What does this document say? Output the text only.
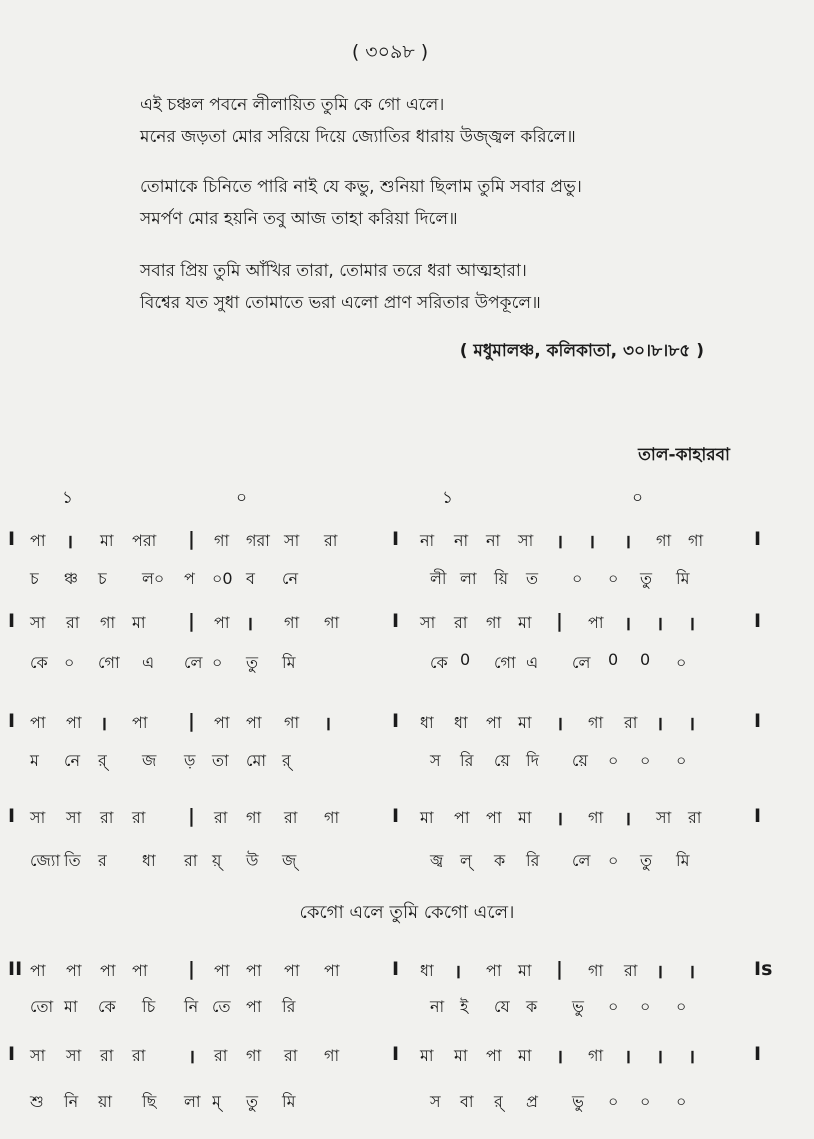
( ৩০৯৮ )
এই চঞ্চল পবনে লীলায়িত তুমি কে গো এলে।
মনের জড়তা মোর সরিয়ে দিয়ে জ্যোতির ধারায় উজ্জ্বল করিলে॥
তোমাকে চিনিতে পারি নাই যে কভু, শুনিয়া ছিলাম তুমি সবার প্রভু।
সমর্পণ মোর হয়নি তবু আজ তাহা করিয়া দিলে॥
সবার প্রিয় তুমি আঁখির তারা, তোমার তরে ধরা আত্মহারা।
বিশ্বের যত সুধা তোমাতে ভরা এলো প্রাণ সরিতার উপকূলে॥
( মধুমালঞ্চ, কলিকাতা, ৩০।৮।৮৫ )
তাল-কাহারবা
১	০	১	০
কেগো এলে তুমি কেগো এলে।
I পা । মা পরা | গা গরা সা রা	I না না না সা । । । গা গা	I
চ ঞ্চ চ ল০ প ০0 ব নে	লী লা য়ি ত ০ ০ তু মি
I সা রা গা মা | পা । গা গা	I সা রা গা মা | পা । । ।	I
কে ০ গো এ লে ০ তু মি	কে 0 গো এ লে 0 0 ০
I পা পা । পা | পা পা গা ।	I ধা ধা পা মা । গা রা । ।	I
ম নে র্ জ ড় তা মো র্	স রি য়ে দি য়ে ০ ০ ০
I সা সা রা রা | রা গা রা গা	I মা পা পা মা । গা । সা রা	I
জ্যো তি র ধা রা য়্ উ জ্	জ্ব ল্ ক রি লে ০ তু মি
II পা পা পা পা | পা পা পা পা	I ধা । পা মা | গা রা । ।	Is
তো মা কে চি নি তে পা রি	না ই যে ক ভু ০ ০ ০
I সা সা রা রা । রা গা রা গা	I মা মা পা মা । গা । । ।	I
শু নি য়া ছি লা ম্ তু মি	স বা র্ প্র ভু ০ ০ ০
